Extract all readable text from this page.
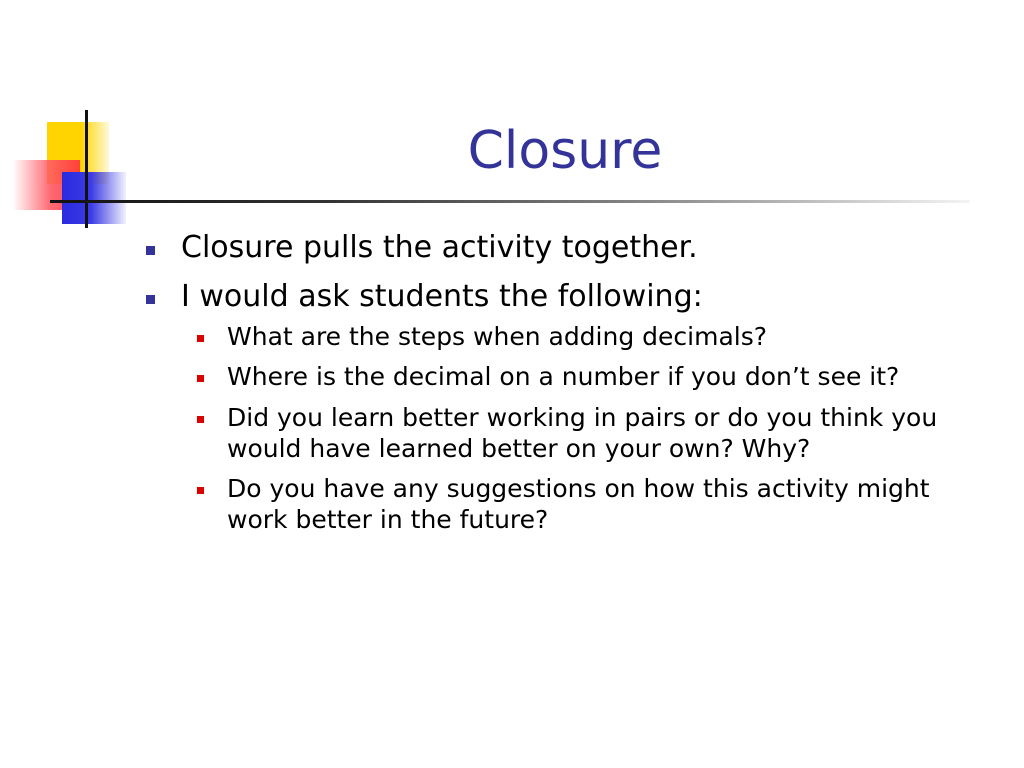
Closure
Closure pulls the activity together.
I would ask students the following:
What are the steps when adding decimals?
Where is the decimal on a number if you don’t see it?
Did you learn better working in pairs or do you think you would have learned better on your own? Why?
Do you have any suggestions on how this activity might work better in the future?
